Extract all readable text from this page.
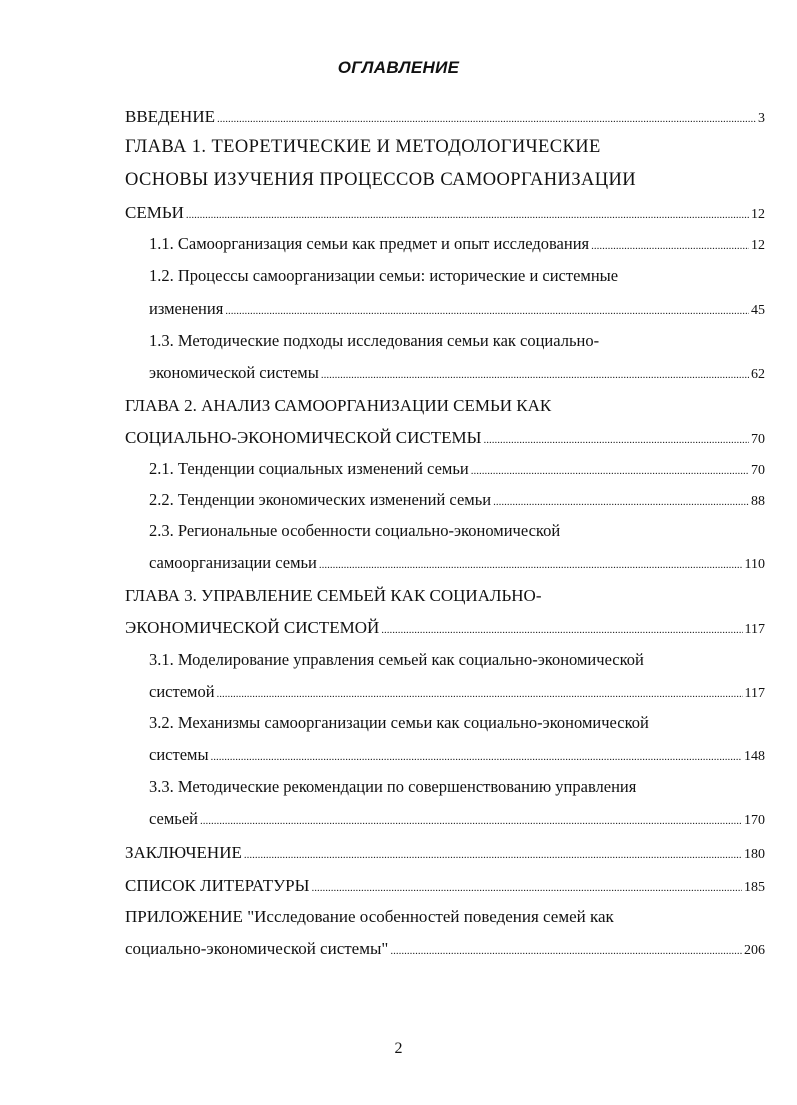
ОГЛАВЛЕНИЕ
ВВЕДЕНИЕ .....	3
ГЛАВА 1. ТЕОРЕТИЧЕСКИЕ И МЕТОДОЛОГИЧЕСКИЕ
ОСНОВЫ ИЗУЧЕНИЯ ПРОЦЕССОВ САМООРГАНИЗАЦИИ
СЕМЬИ .....	12
1.1. Самоорганизация семьи как предмет и опыт исследования .....	12
1.2. Процессы самоорганизации семьи: исторические и системные
изменения .....	45
1.3. Методические подходы исследования семьи как социально-
экономической системы .....	62
ГЛАВА 2. АНАЛИЗ САМООРГАНИЗАЦИИ СЕМЬИ КАК
СОЦИАЛЬНО-ЭКОНОМИЧЕСКОЙ СИСТЕМЫ .....	70
2.1. Тенденции социальных изменений семьи .....	70
2.2. Тенденции экономических изменений семьи .....	88
2.3. Региональные особенности социально-экономической
самоорганизации семьи .....	110
ГЛАВА 3. УПРАВЛЕНИЕ СЕМЬЕЙ КАК СОЦИАЛЬНО-
ЭКОНОМИЧЕСКОЙ СИСТЕМОЙ .....	117
3.1. Моделирование управления семьей как социально-экономической
системой .....	117
3.2. Механизмы самоорганизации семьи как социально-экономической
системы .....	148
3.3. Методические рекомендации по совершенствованию управления
семьей .....	170
ЗАКЛЮЧЕНИЕ .....	180
СПИСОК ЛИТЕРАТУРЫ .....	185
ПРИЛОЖЕНИЕ "Исследование особенностей поведения семей как
социально-экономической системы" .....	206
2
